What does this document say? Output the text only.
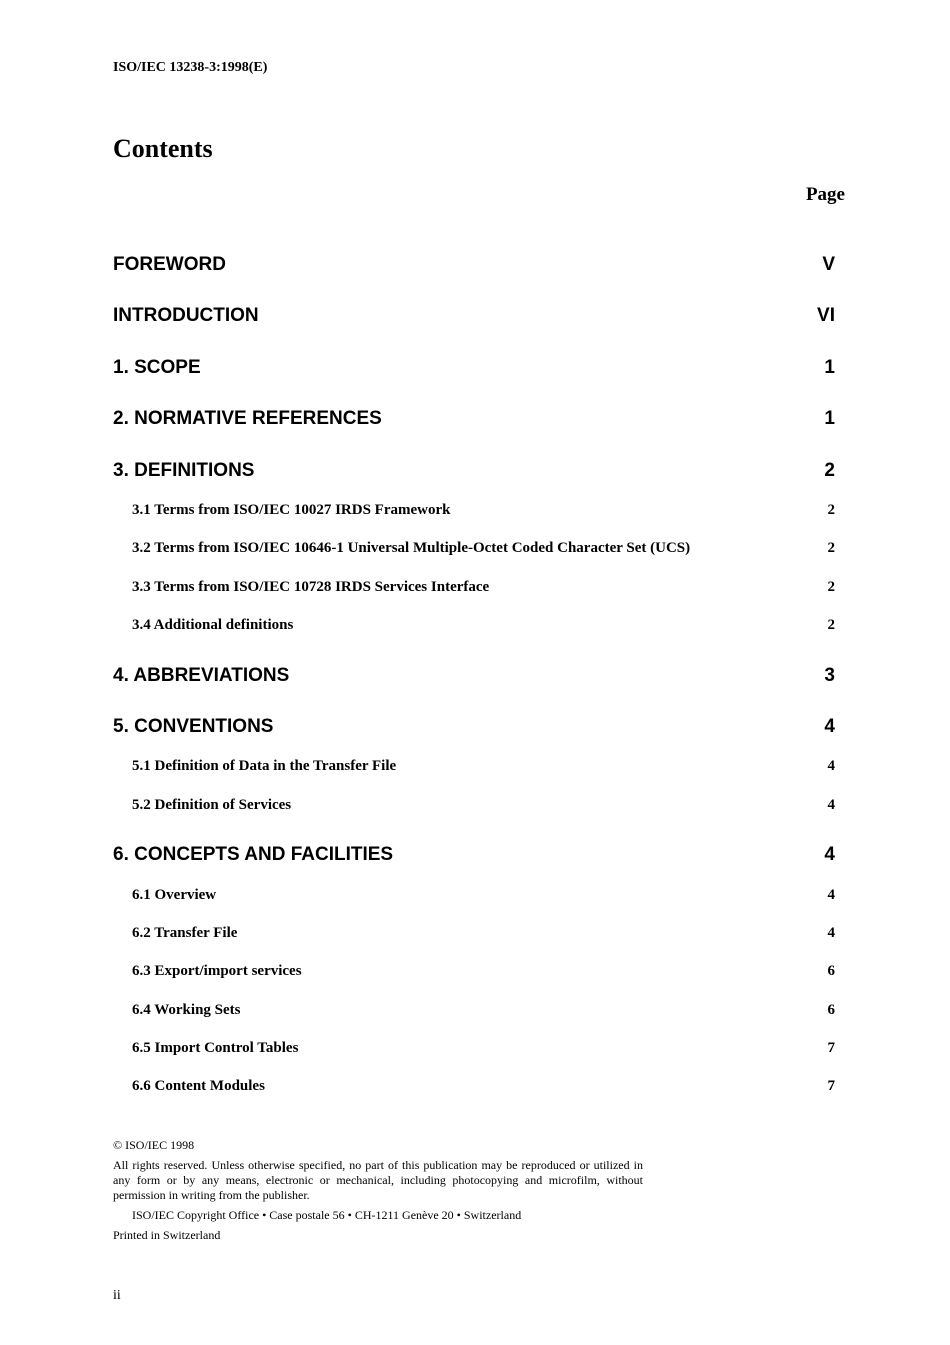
ISO/IEC 13238-3:1998(E)
Contents
Page
FOREWORD	V
INTRODUCTION	VI
1. SCOPE	1
2. NORMATIVE REFERENCES	1
3. DEFINITIONS	2
3.1 Terms from ISO/IEC 10027 IRDS Framework	2
3.2 Terms from ISO/IEC 10646-1 Universal Multiple-Octet Coded Character Set (UCS)	2
3.3 Terms from ISO/IEC 10728 IRDS Services Interface	2
3.4 Additional definitions	2
4. ABBREVIATIONS	3
5. CONVENTIONS	4
5.1 Definition of Data in the Transfer File	4
5.2 Definition of Services	4
6. CONCEPTS AND FACILITIES	4
6.1 Overview	4
6.2 Transfer File	4
6.3 Export/import services	6
6.4 Working Sets	6
6.5 Import Control Tables	7
6.6 Content Modules	7
© ISO/IEC 1998
All rights reserved. Unless otherwise specified, no part of this publication may be reproduced or utilized in any form or by any means, electronic or mechanical, including photocopying and microfilm, without permission in writing from the publisher.
ISO/IEC Copyright Office • Case postale 56 • CH-1211 Genève 20 • Switzerland
Printed in Switzerland
ii
